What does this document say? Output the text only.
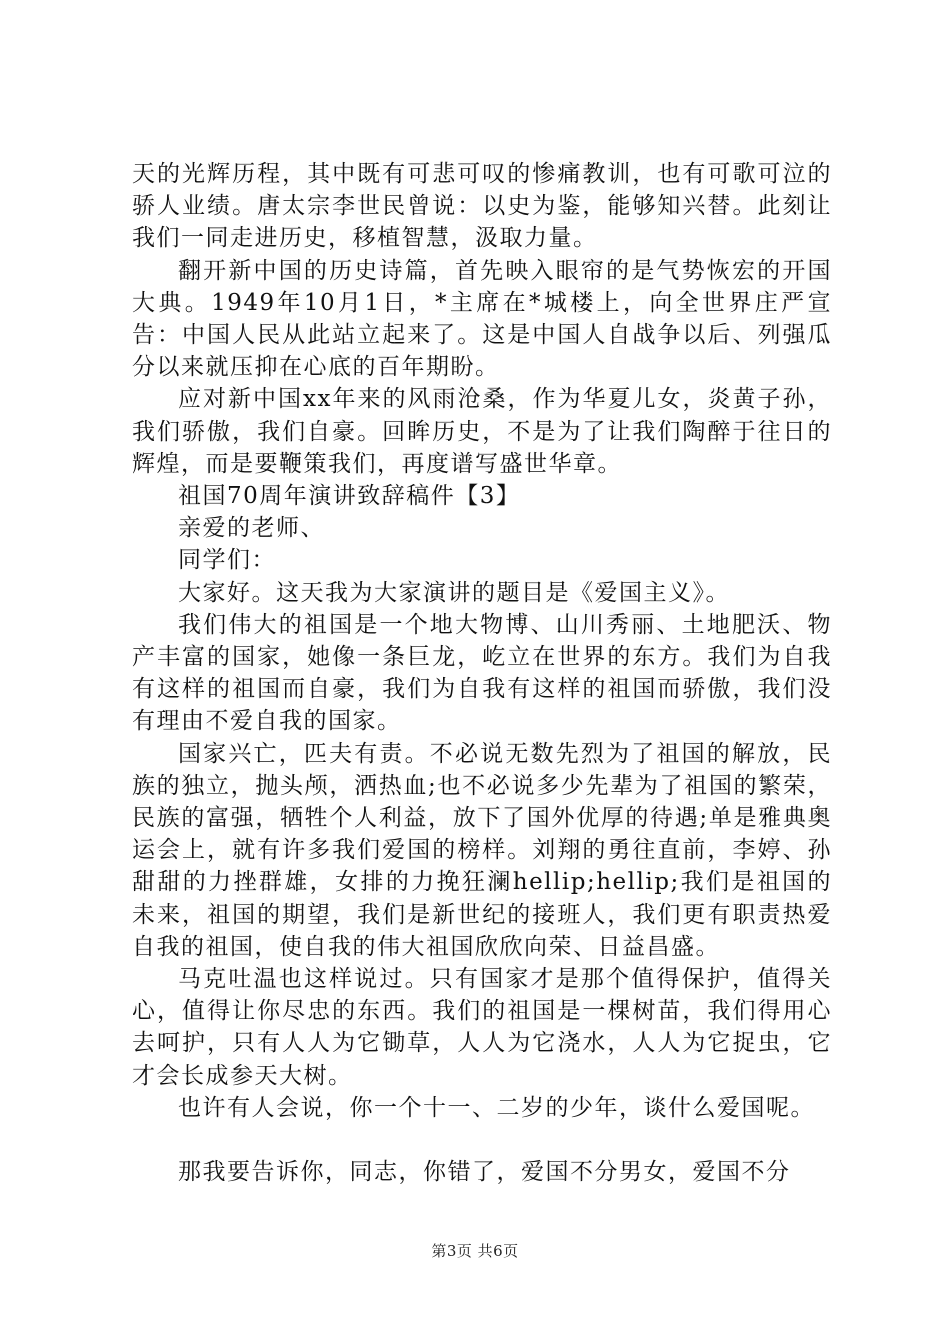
天的光辉历程，其中既有可悲可叹的惨痛教训，也有可歌可泣的骄人业绩。唐太宗李世民曾说：以史为鉴，能够知兴替。此刻让我们一同走进历史，移植智慧，汲取力量。

翻开新中国的历史诗篇，首先映入眼帘的是气势恢宏的开国大典。1949年10月1日，*主席在*城楼上，向全世界庄严宣告：中国人民从此站立起来了。这是中国人自战争以后、列强瓜分以来就压抑在心底的百年期盼。

应对新中国xx年来的风雨沧桑，作为华夏儿女，炎黄子孙，我们骄傲，我们自豪。回眸历史，不是为了让我们陶醉于往日的辉煌，而是要鞭策我们，再度谱写盛世华章。

祖国70周年演讲致辞稿件【3】

亲爱的老师、

同学们：

大家好。这天我为大家演讲的题目是《爱国主义》。

我们伟大的祖国是一个地大物博、山川秀丽、土地肥沃、物产丰富的国家，她像一条巨龙，屹立在世界的东方。我们为自我有这样的祖国而自豪，我们为自我有这样的祖国而骄傲，我们没有理由不爱自我的国家。

国家兴亡，匹夫有责。不必说无数先烈为了祖国的解放，民族的独立，抛头颅，洒热血;也不必说多少先辈为了祖国的繁荣，民族的富强，牺牲个人利益，放下了国外优厚的待遇;单是雅典奥运会上，就有许多我们爱国的榜样。刘翔的勇往直前，李婷、孙甜甜的力挫群雄，女排的力挽狂澜hellip;hellip;我们是祖国的未来，祖国的期望，我们是新世纪的接班人，我们更有职责热爱自我的祖国，使自我的伟大祖国欣欣向荣、日益昌盛。

马克吐温也这样说过。只有国家才是那个值得保护，值得关心，值得让你尽忠的东西。我们的祖国是一棵树苗，我们得用心去呵护，只有人人为它锄草，人人为它浇水，人人为它捉虫，它才会长成参天大树。

也许有人会说，你一个十一、二岁的少年，谈什么爱国呢。

那我要告诉你，同志，你错了，爱国不分男女，爱国不分

第3页 共6页
